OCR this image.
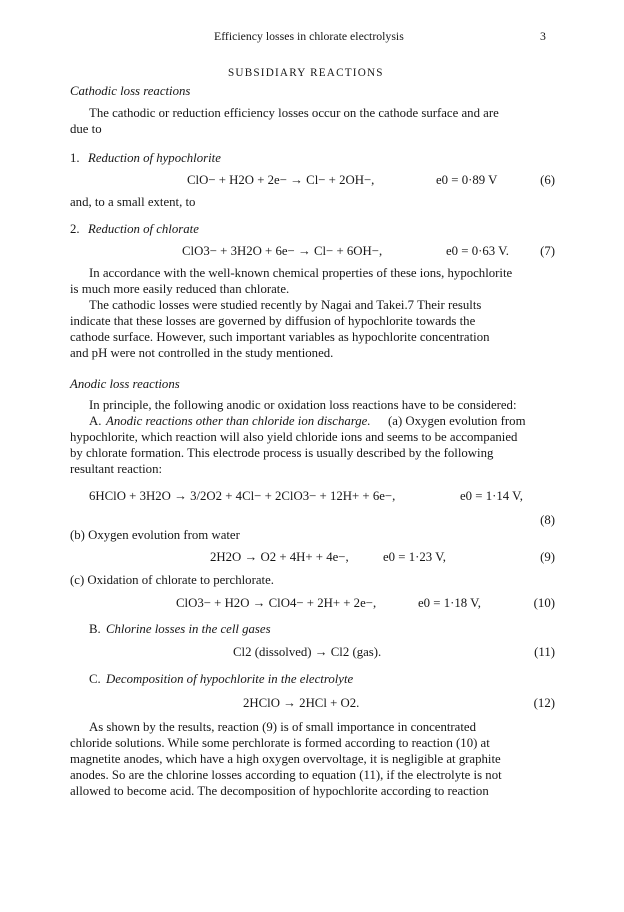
Efficiency losses in chlorate electrolysis	3
SUBSIDIARY REACTIONS
Cathodic loss reactions
The cathodic or reduction efficiency losses occur on the cathode surface and are
due to
1. Reduction of hypochlorite
ClO− + H2O + 2e− → Cl− + 2OH−,	e0 = 0·89 V	(6)
and, to a small extent, to
2. Reduction of chlorate
ClO3− + 3H2O + 6e− → Cl− + 6OH−,	e0 = 0·63 V. (7)
In accordance with the well-known chemical properties of these ions, hypochlorite
is much more easily reduced than chlorate.
The cathodic losses were studied recently by Nagai and Takei.7 Their results
indicate that these losses are governed by diffusion of hypochlorite towards the
cathode surface. However, such important variables as hypochlorite concentration
and pH were not controlled in the study mentioned.
Anodic loss reactions
In principle, the following anodic or oxidation loss reactions have to be considered:
A. Anodic reactions other than chloride ion discharge. (a) Oxygen evolution from
hypochlorite, which reaction will also yield chloride ions and seems to be accompanied
by chlorate formation. This electrode process is usually described by the following
resultant reaction:
6HClO + 3H2O → 3/2O2 + 4Cl− + 2ClO3− + 12H+ + 6e−,	e0 = 1·14 V,
(8)
(b) Oxygen evolution from water
2H2O → O2 + 4H+ + 4e−,	e0 = 1·23 V,	(9)
(c) Oxidation of chlorate to perchlorate.
ClO3− + H2O → ClO4− + 2H+ + 2e−,	e0 = 1·18 V,	(10)
B. Chlorine losses in the cell gases
Cl2 (dissolved) → Cl2 (gas).	(11)
C. Decomposition of hypochlorite in the electrolyte
2HClO → 2HCl + O2.	(12)
As shown by the results, reaction (9) is of small importance in concentrated
chloride solutions. While some perchlorate is formed according to reaction (10) at
magnetite anodes, which have a high oxygen overvoltage, it is negligible at graphite
anodes. So are the chlorine losses according to equation (11), if the electrolyte is not
allowed to become acid. The decomposition of hypochlorite according to reaction
